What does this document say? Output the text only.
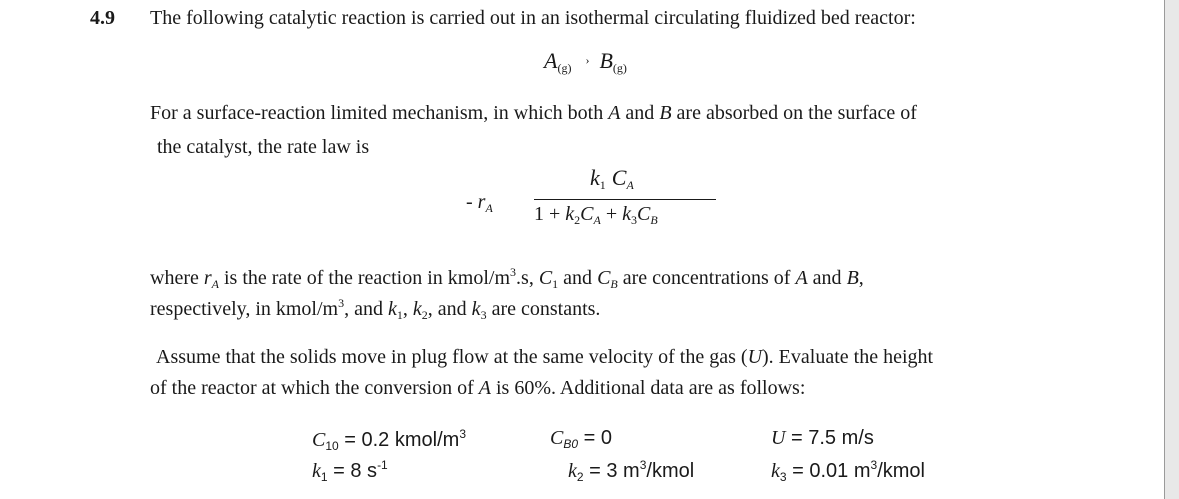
4.9 The following catalytic reaction is carried out in an isothermal circulating fluidized bed reactor:
$A_{(g)}›$ $B_{(g)}$
For a surface-reaction limited mechanism, in which both A and B are absorbed on the surface of
the catalyst, the rate law is
- $r_A$
$k_1$ $C_A$
$1 + k_2C_A + k_3C_B$
where $r_A$ is the rate of the reaction in kmol/$m^3.s$, $C_1$ and $C_B$ are concentrations of A and B,
respectively, in kmol/$m^3$, and $k_1$, $k_2$, and $k_3$ are constants.
Assume that the solids move in plug flow at the same velocity of the gas (U). Evaluate the height
of the reactor at which the conversion of A is 60%. Additional data are as follows:
$C_{10} = 0.2$ kmol/$m^3$	$C_{B0} = 0$	U = 7.5 m/s
$k_1 = 8$ $s^{-1}$	$k_2 = 3$ $m^3$/kmol	$k_3 = 0.01$ $m^3$/kmol
